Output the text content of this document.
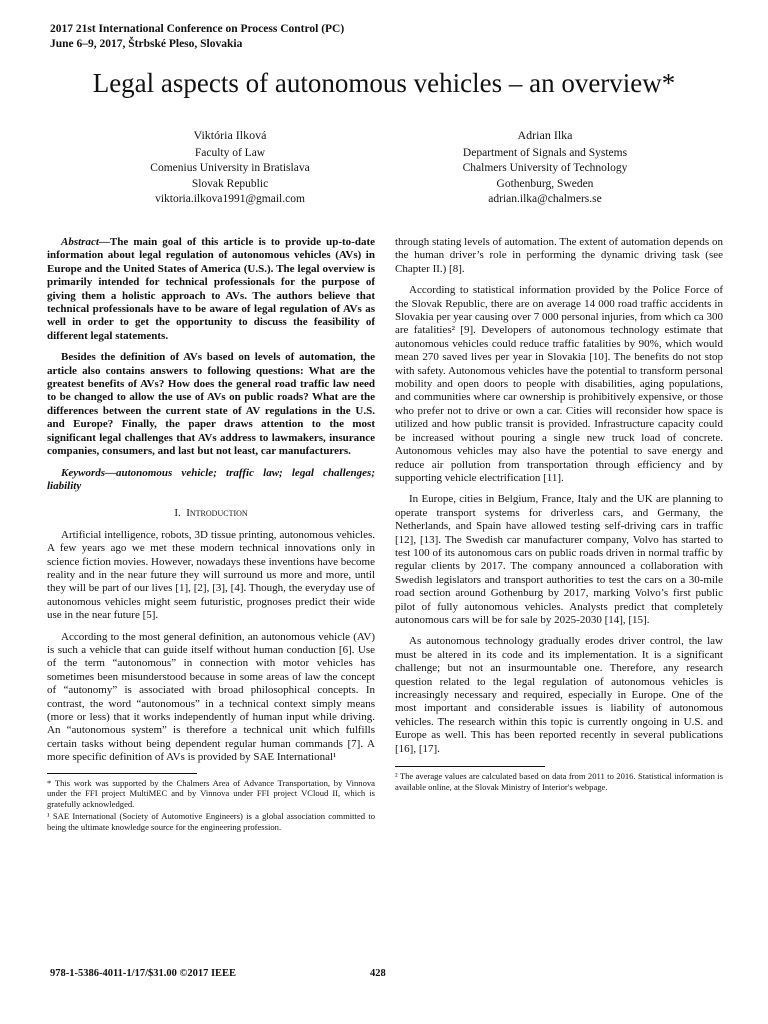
2017 21st International Conference on Process Control (PC)
June 6–9, 2017, Štrbské Pleso, Slovakia
Legal aspects of autonomous vehicles – an overview*
Viktória Ilková
Faculty of Law
Comenius University in Bratislava
Slovak Republic
viktoria.ilkova1991@gmail.com
Adrian Ilka
Department of Signals and Systems
Chalmers University of Technology
Gothenburg, Sweden
adrian.ilka@chalmers.se

Abstract—The main goal of this article is to provide up-to-date information about legal regulation of autonomous vehicles (AVs) in Europe and the United States of America (U.S.). The legal overview is primarily intended for technical professionals for the purpose of giving them a holistic approach to AVs. The authors believe that technical professionals have to be aware of legal regulation of AVs as well in order to get the opportunity to discuss the feasibility of different legal statements.

Besides the definition of AVs based on levels of automation, the article also contains answers to following questions: What are the greatest benefits of AVs? How does the general road traffic law need to be changed to allow the use of AVs on public roads? What are the differences between the current state of AV regulations in the U.S. and Europe? Finally, the paper draws attention to the most significant legal challenges that AVs address to lawmakers, insurance companies, consumers, and last but not least, car manufacturers.

Keywords—autonomous vehicle; traffic law; legal challenges; liability

I. Introduction

Artificial intelligence, robots, 3D tissue printing, autonomous vehicles. A few years ago we met these modern technical innovations only in science fiction movies. However, nowadays these inventions have become reality and in the near future they will surround us more and more, until they will be part of our lives [1], [2], [3], [4]. Though, the everyday use of autonomous vehicles might seem futuristic, prognoses predict their wide use in the near future [5].

According to the most general definition, an autonomous vehicle (AV) is such a vehicle that can guide itself without human conduction [6]. Use of the term “autonomous” in connection with motor vehicles has sometimes been misunderstood because in some areas of law the concept of “autonomy” is associated with broad philosophical concepts. In contrast, the word “autonomous” in a technical context simply means (more or less) that it works independently of human input while driving. An “autonomous system” is therefore a technical unit which fulfills certain tasks without being dependent regular human commands [7]. A more specific definition of AVs is provided by SAE International¹

* This work was supported by the Chalmers Area of Advance Transportation, by Vinnova under the FFI project MultiMEC and by Vinnova under FFI project VCloud II, which is gratefully acknowledged.
¹ SAE International (Society of Automotive Engineers) is a global association committed to being the ultimate knowledge source for the engineering profession.

through stating levels of automation. The extent of automation depends on the human driver’s role in performing the dynamic driving task (see Chapter II.) [8].

According to statistical information provided by the Police Force of the Slovak Republic, there are on average 14 000 road traffic accidents in Slovakia per year causing over 7 000 personal injuries, from which ca 300 are fatalities² [9]. Developers of autonomous technology estimate that autonomous vehicles could reduce traffic fatalities by 90%, which would mean 270 saved lives per year in Slovakia [10]. The benefits do not stop with safety. Autonomous vehicles have the potential to transform personal mobility and open doors to people with disabilities, aging populations, and communities where car ownership is prohibitively expensive, or those who prefer not to drive or own a car. Cities will reconsider how space is utilized and how public transit is provided. Infrastructure capacity could be increased without pouring a single new truck load of concrete. Autonomous vehicles may also have the potential to save energy and reduce air pollution from transportation through efficiency and by supporting vehicle electrification [11].

In Europe, cities in Belgium, France, Italy and the UK are planning to operate transport systems for driverless cars, and Germany, the Netherlands, and Spain have allowed testing self-driving cars in traffic [12], [13]. The Swedish car manufacturer company, Volvo has started to test 100 of its autonomous cars on public roads driven in normal traffic by regular clients by 2017. The company announced a collaboration with Swedish legislators and transport authorities to test the cars on a 30-mile road section around Gothenburg by 2017, marking Volvo’s first public pilot of fully autonomous vehicles. Analysts predict that completely autonomous cars will be for sale by 2025-2030 [14], [15].

As autonomous technology gradually erodes driver control, the law must be altered in its code and its implementation. It is a significant challenge; but not an insurmountable one. Therefore, any research question related to the legal regulation of autonomous vehicles is increasingly necessary and required, especially in Europe. One of the most important and considerable issues is liability of autonomous vehicles. The research within this topic is currently ongoing in U.S. and Europe as well. This has been reported recently in several publications [16], [17].

² The average values are calculated based on data from 2011 to 2016. Statistical information is available online, at the Slovak Ministry of Interior's webpage.
978-1-5386-4011-1/17/$31.00 ©2017 IEEE	428
